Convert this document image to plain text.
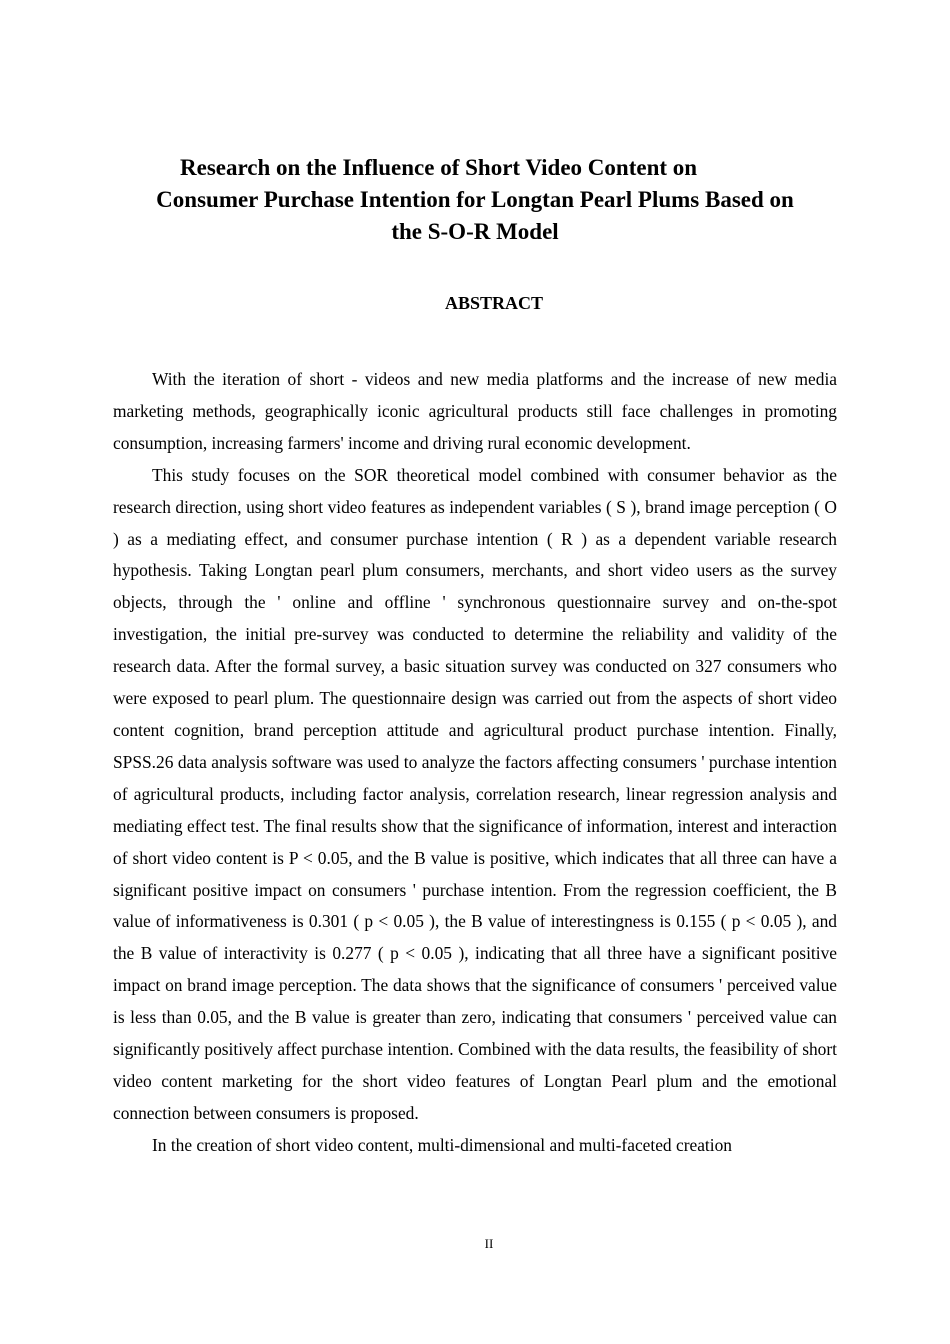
Research on the Influence of Short Video Content on
Consumer Purchase Intention for Longtan Pearl Plums Based on
the S-O-R Model
ABSTRACT

With the iteration of short - videos and new media platforms and the increase of new media marketing methods, geographically iconic agricultural products still face challenges in promoting consumption, increasing farmers' income and driving rural economic development.

This study focuses on the SOR theoretical model combined with consumer behavior as the research direction, using short video features as independent variables ( S ), brand image perception ( O ) as a mediating effect, and consumer purchase intention ( R ) as a dependent variable research hypothesis. Taking Longtan pearl plum consumers, merchants, and short video users as the survey objects, through the ' online and offline ' synchronous questionnaire survey and on-the-spot investigation, the initial pre-survey was conducted to determine the reliability and validity of the research data. After the formal survey, a basic situation survey was conducted on 327 consumers who were exposed to pearl plum. The questionnaire design was carried out from the aspects of short video content cognition, brand perception attitude and agricultural product purchase intention. Finally, SPSS.26 data analysis software was used to analyze the factors affecting consumers ' purchase intention of agricultural products, including factor analysis, correlation research, linear regression analysis and mediating effect test. The final results show that the significance of information, interest and interaction of short video content is P < 0.05, and the B value is positive, which indicates that all three can have a significant positive impact on consumers ' purchase intention. From the regression coefficient, the B value of informativeness is 0.301 ( p < 0.05 ), the B value of interestingness is 0.155 ( p < 0.05 ), and the B value of interactivity is 0.277 ( p < 0.05 ), indicating that all three have a significant positive impact on brand image perception. The data shows that the significance of consumers ' perceived value is less than 0.05, and the B value is greater than zero, indicating that consumers ' perceived value can significantly positively affect purchase intention. Combined with the data results, the feasibility of short video content marketing for the short video features of Longtan Pearl plum and the emotional connection between consumers is proposed.

In the creation of short video content, multi-dimensional and multi-faceted creation

II
